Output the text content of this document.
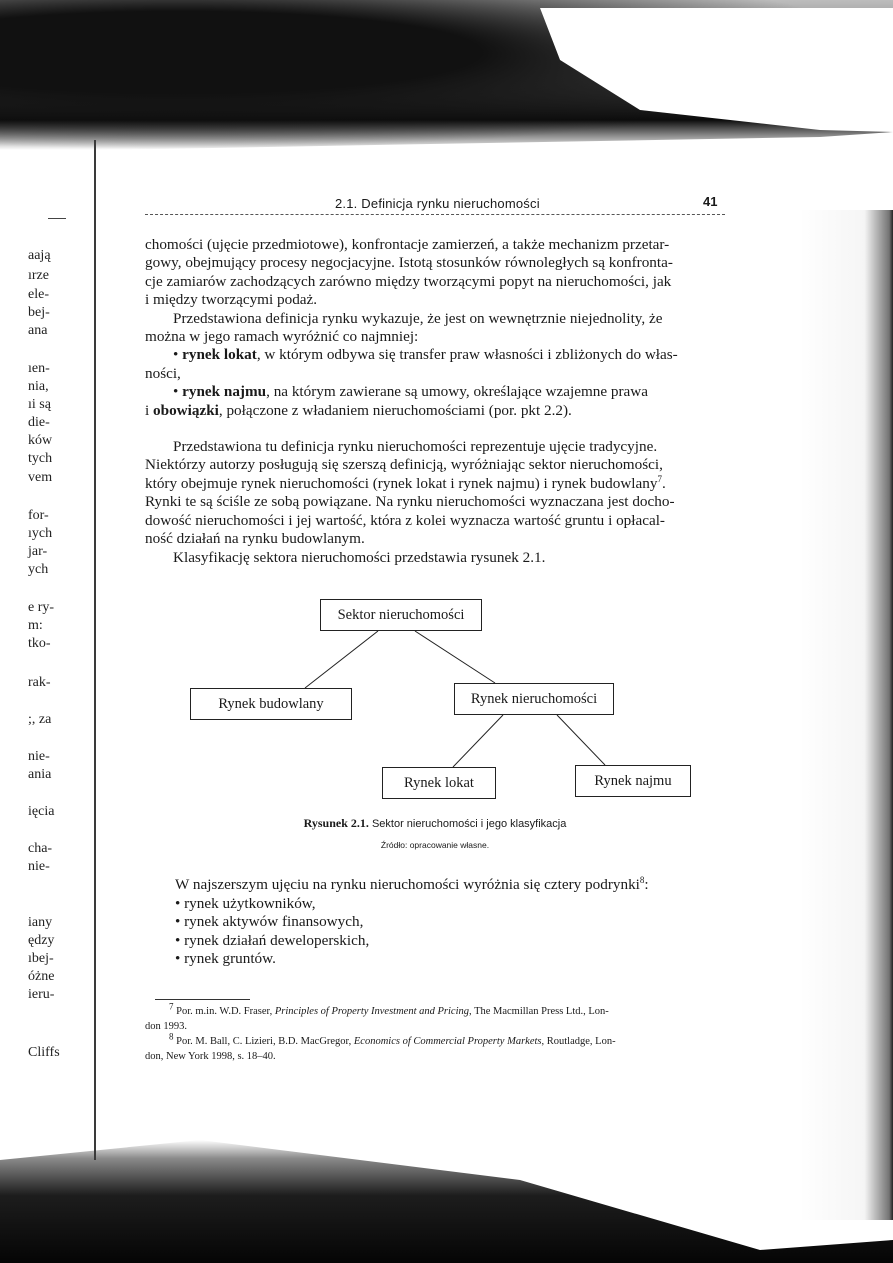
aają
ırze
ele-
bej-
ana
ıen-
nia,
ıi są
die-
ków
tych
vem
for-
ıych
jar-
ych
e ry-
m:
tko-
rak-
;, za
nie-
ania
ięcia
cha-
nie-
iany
ędzy
ıbej-
óżne
ieru-
Cliffs
2.1. Definicja rynku nieruchomości	41

chomości (ujęcie przedmiotowe), konfrontacje zamierzeń, a także mechanizm przetar-

gowy, obejmujący procesy negocjacyjne. Istotą stosunków równoległych są konfronta-

cje zamiarów zachodzących zarówno między tworzącymi popyt na nieruchomości, jak

i między tworzącymi podaż.

Przedstawiona definicja rynku wykazuje, że jest on wewnętrznie niejednolity, że

można w jego ramach wyróżnić co najmniej:

• rynek lokat, w którym odbywa się transfer praw własności i zbliżonych do włas-

ności,

• rynek najmu, na którym zawierane są umowy, określające wzajemne prawa

i obowiązki, połączone z władaniem nieruchomościami (por. pkt 2.2).

Przedstawiona tu definicja rynku nieruchomości reprezentuje ujęcie tradycyjne.

Niektórzy autorzy posługują się szerszą definicją, wyróżniając sektor nieruchomości,

który obejmuje rynek nieruchomości (rynek lokat i rynek najmu) i rynek budowlany$^7$.

Rynki te są ściśle ze sobą powiązane. Na rynku nieruchomości wyznaczana jest docho-

dowość nieruchomości i jej wartość, która z kolei wyznacza wartość gruntu i opłacal-

ność działań na rynku budowlanym.

Klasyfikację sektora nieruchomości przedstawia rysunek 2.1.

Sektor nieruchomości
Rynek budowlany	Rynek nieruchomości
Rynek lokat	Rynek najmu
Rysunek 2.1. Sektor nieruchomości i jego klasyfikacja
Źródło: opracowanie własne.

W najszerszym ujęciu na rynku nieruchomości wyróżnia się cztery podrynki$^8$:

• rynek użytkowników,

• rynek aktywów finansowych,

• rynek działań deweloperskich,

• rynek gruntów.

$^7$ Por. m.in. W.D. Fraser, Principles of Property Investment and Pricing, The Macmillan Press Ltd., Lon-

don 1993.

$^8$ Por. M. Ball, C. Lizieri, B.D. MacGregor, Economics of Commercial Property Markets, Routladge, Lon-

don, New York 1998, s. 18–40.
